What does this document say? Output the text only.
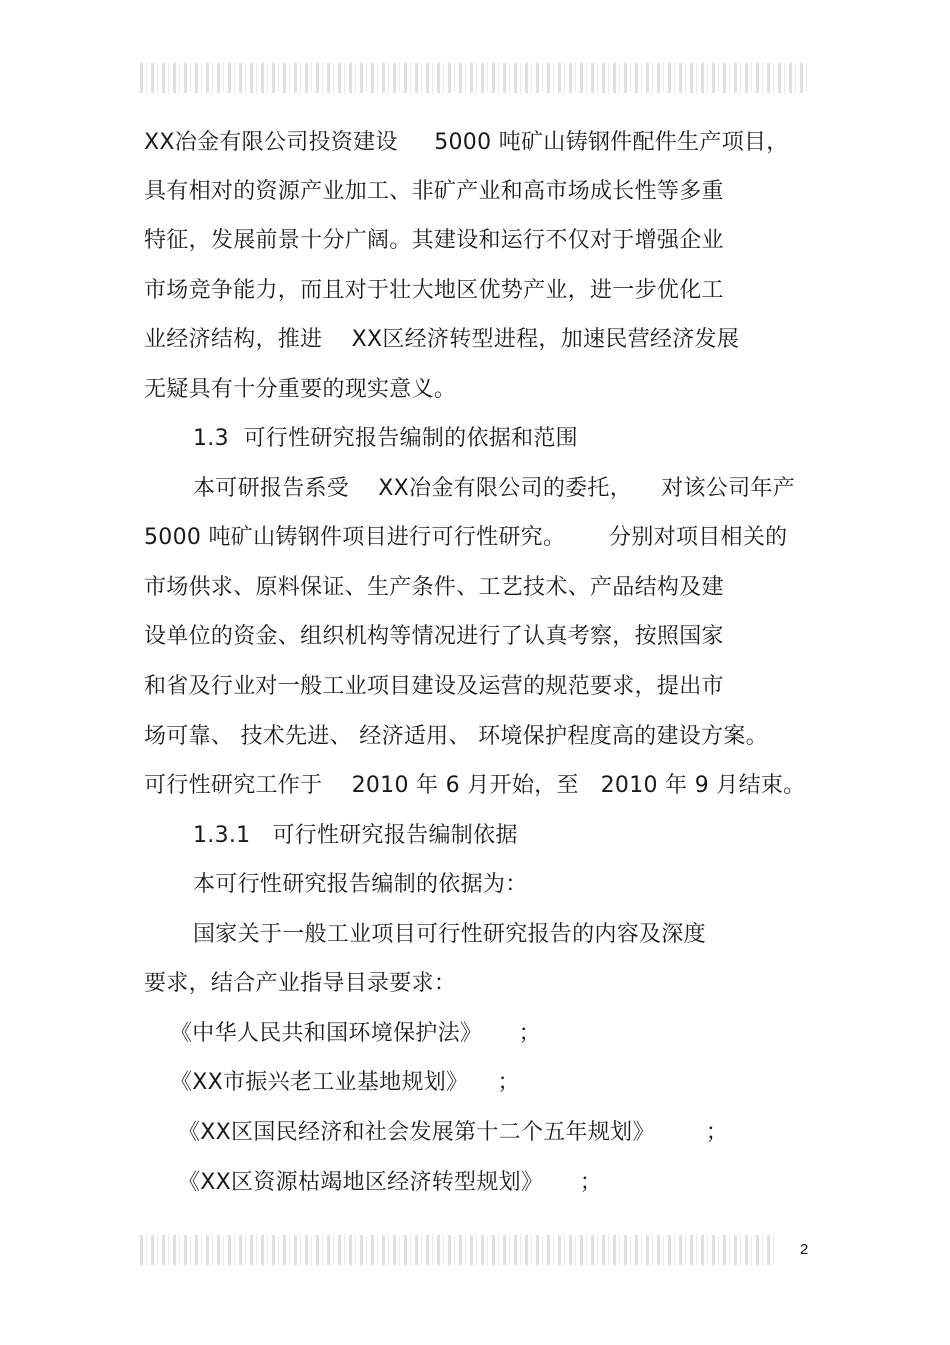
XX冶金有限公司投资建设     5000 吨矿山铸钢件配件生产项目，
具有相对的资源产业加工、非矿产业和高市场成长性等多重
特征，发展前景十分广阔。其建设和运行不仅对于增强企业
市场竞争能力，而且对于壮大地区优势产业，进一步优化工
业经济结构，推进    XX区经济转型进程，加速民营经济发展
无疑具有十分重要的现实意义。
1.3  可行性研究报告编制的依据和范围
本可研报告系受    XX冶金有限公司的委托，    对该公司年产
5000 吨矿山铸钢件项目进行可行性研究。      分别对项目相关的
市场供求、原料保证、生产条件、工艺技术、产品结构及建
设单位的资金、组织机构等情况进行了认真考察，按照国家
和省及行业对一般工业项目建设及运营的规范要求，提出市
场可靠、 技术先进、 经济适用、 环境保护程度高的建设方案。
可行性研究工作于    2010 年 6 月开始，至   2010 年 9 月结束。
1.3.1   可行性研究报告编制依据
本可行性研究报告编制的依据为：
国家关于一般工业项目可行性研究报告的内容及深度
要求，结合产业指导目录要求：
《中华人民共和国环境保护法》     ；
《XX市振兴老工业基地规划》    ；
《XX区国民经济和社会发展第十二个五年规划》       ；
《XX区资源枯竭地区经济转型规划》     ；
2
